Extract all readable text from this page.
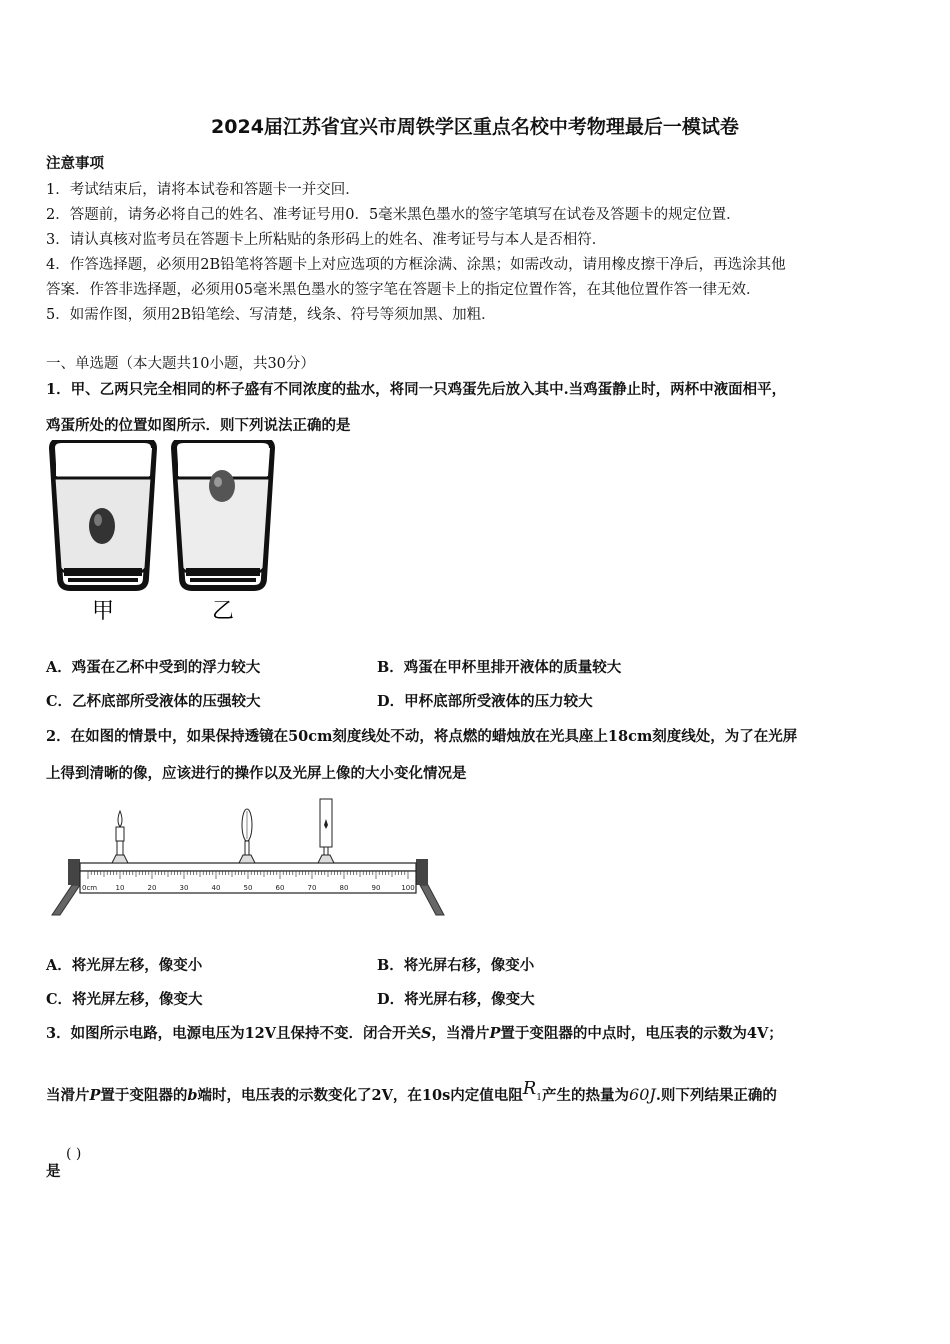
2024届江苏省宜兴市周铁学区重点名校中考物理最后一模试卷
注意事项
1．考试结束后，请将本试卷和答题卡一并交回．
2．答题前，请务必将自己的姓名、准考证号用0．5毫米黑色墨水的签字笔填写在试卷及答题卡的规定位置．
3．请认真核对监考员在答题卡上所粘贴的条形码上的姓名、准考证号与本人是否相符．
4．作答选择题，必须用2B铅笔将答题卡上对应选项的方框涂满、涂黑；如需改动，请用橡皮擦干净后，再选涂其他
答案．作答非选择题，必须用05毫米黑色墨水的签字笔在答题卡上的指定位置作答，在其他位置作答一律无效．
5．如需作图，须用2B铅笔绘、写清楚，线条、符号等须加黑、加粗．
一、单选题（本大题共10小题，共30分）
1．甲、乙两只完全相同的杯子盛有不同浓度的盐水，将同一只鸡蛋先后放入其中.当鸡蛋静止时，两杯中液面相平，
鸡蛋所处的位置如图所示．则下列说法正确的是
甲	乙
A．鸡蛋在乙杯中受到的浮力较大	B．鸡蛋在甲杯里排开液体的质量较大
C．乙杯底部所受液体的压强较大	D．甲杯底部所受液体的压力较大
2．在如图的情景中，如果保持透镜在50cm刻度线处不动，将点燃的蜡烛放在光具座上18cm刻度线处，为了在光屏
上得到清晰的像，应该进行的操作以及光屏上像的大小变化情况是
10	20	30	40	50	60	70	80	90	100
0cm
A．将光屏左移，像变小	B．将光屏右移，像变小
C．将光屏左移，像变大	D．将光屏右移，像变大
3．如图所示电路，电源电压为12V且保持不变．闭合开关S，当滑片P置于变阻器的中点时，电压表的示数为4V；
当滑片P置于变阻器的b端时，电压表的示数变化了2V，在10s内定值电阻$R_1$产生的热量为60J.则下列结果正确的
是
( )
